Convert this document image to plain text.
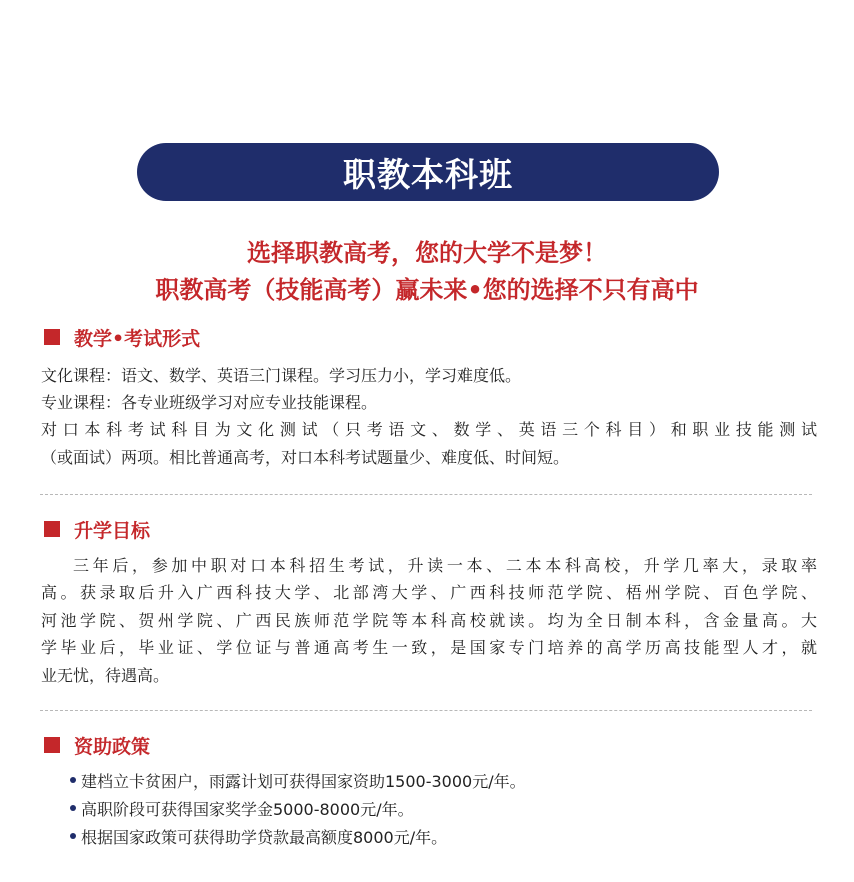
职教本科班
选择职教高考，您的大学不是梦！
职教高考（技能高考）赢未来•您的选择不只有高中
教学•考试形式
文化课程：语文、数学、英语三门课程。学习压力小，学习难度低。
专业课程：各专业班级学习对应专业技能课程。
对口本科考试科目为文化测试（只考语文、数学、英语三个科目）和职业技能测试
（或面试）两项。相比普通高考，对口本科考试题量少、难度低、时间短。
升学目标
三年后，参加中职对口本科招生考试，升读一本、二本本科高校，升学几率大，录取率
高。获录取后升入广西科技大学、北部湾大学、广西科技师范学院、梧州学院、百色学院、
河池学院、贺州学院、广西民族师范学院等本科高校就读。均为全日制本科，含金量高。大
学毕业后，毕业证、学位证与普通高考生一致，是国家专门培养的高学历高技能型人才，就
业无忧，待遇高。
资助政策
建档立卡贫困户，雨露计划可获得国家资助1500-3000元/年。
高职阶段可获得国家奖学金5000-8000元/年。
根据国家政策可获得助学贷款最高额度8000元/年。
